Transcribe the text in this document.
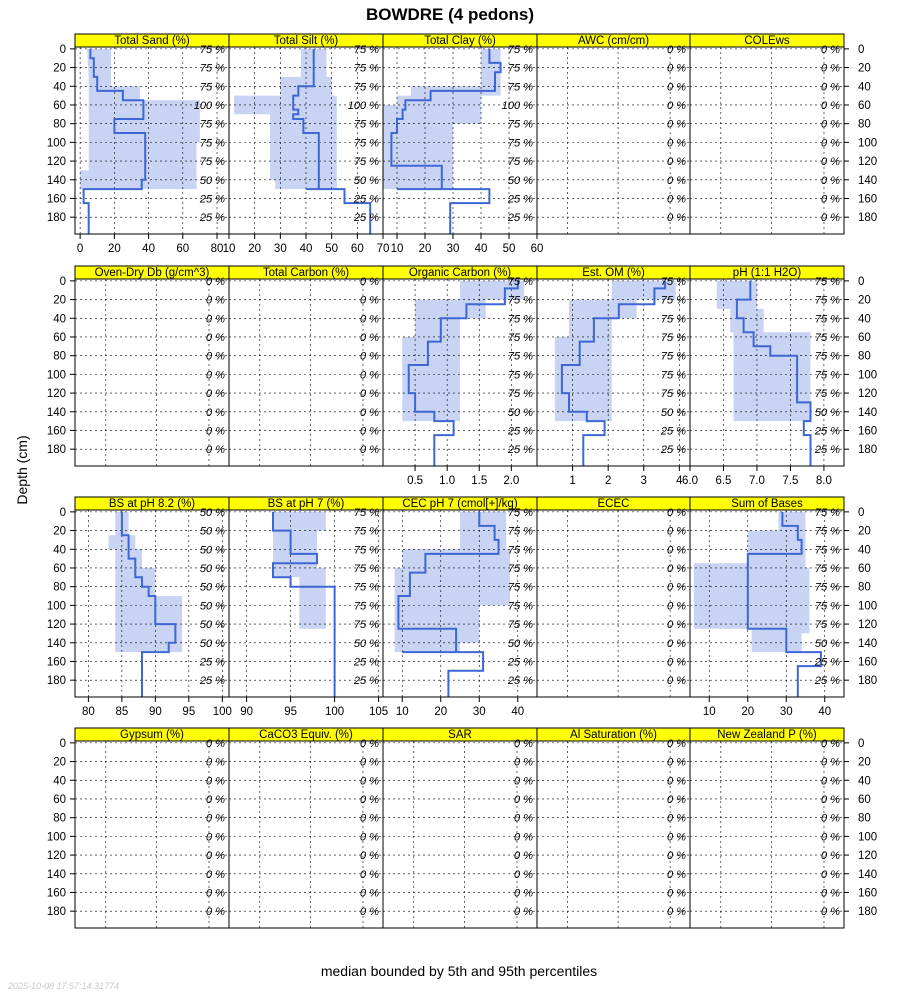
BOWDRE (4 pedons)
Depth (cm)
Total Sand (%)
75 %
75 %
75 %
100 %
75 %
75 %
75 %
50 %
25 %
25 %
0 20 40 60 80
Total Silt (%)
75 %
75 %
75 %
100 %
75 %
75 %
75 %
50 %
25 %
25 %
10 20 30 40 50 60 70
Total Clay (%)
75 %
75 %
75 %
100 %
75 %
75 %
75 %
50 %
25 %
25 %
10 20 30 40 50 60
AWC (cm/cm)
0 %
0 %
0 %
0 %
0 %
0 %
0 %
0 %
0 %
0 %
COLEws
0 %
0 %
0 %
0 %
0 %
0 %
0 %
0 %
0 %
0 %
Oven-Dry Db (g/cm^3)
0 %
0 %
0 %
0 %
0 %
0 %
0 %
0 %
0 %
0 %
Total Carbon (%)
0 %
0 %
0 %
0 %
0 %
0 %
0 %
0 %
0 %
0 %
Organic Carbon (%)
75 %
75 %
75 %
75 %
75 %
75 %
75 %
50 %
25 %
25 %
0.5 1.0 1.5 2.0
Est. OM (%)
75 %
75 %
75 %
75 %
75 %
75 %
75 %
50 %
25 %
25 %
1	2	3	4
pH (1:1 H2O)
75 %
75 %
75 %
75 %
75 %
75 %
75 %
50 %
25 %
25 %
6.0 6.5 7.0 7.5 8.0
BS at pH 8.2 (%)
50 %
50 %
50 %
50 %
50 %
50 %
50 %
50 %
25 %
25 %
80 85 90 95 100
BS at pH 7 (%)
75 %
75 %
75 %
75 %
75 %
75 %
75 %
50 %
25 %
25 %
90	95 100 105
CEC pH 7 (cmol[+]/kg)
75 %
75 %
75 %
75 %
75 %
75 %
75 %
50 %
25 %
25 %
10 20 30 40
ECEC
0 %
0 %
0 %
0 %
0 %
0 %
0 %
0 %
0 %
0 %
Sum of Bases
75 %
75 %
75 %
75 %
75 %
75 %
75 %
50 %
25 %
25 %
10 20 30 40
Gypsum (%)
0 %
0 %
0 %
0 %
0 %
0 %
0 %
0 %
0 %
0 %
CaCO3 Equiv. (%)
0 %
0 %
0 %
0 %
0 %
0 %
0 %
0 %
0 %
0 %
SAR
0 %
0 %
0 %
0 %
0 %
0 %
0 %
0 %
0 %
0 %
Al Saturation (%)
0 %
0 %
0 %
0 %
0 %
0 %
0 %
0 %
0 %
0 %
New Zealand P (%)
0 %
0 %
0 %
0 %
0 %
0 %
0 %
0 %
0 %
0 %
0	0
20	20
40	40
60	60
80	80
100	100
120	120
140	140
160	160
180	180
0	0
20	20
40	40
60	60
80	80
100	100
120	120
140	140
160	160
180	180
0	0
20	20
40	40
60	60
80	80
100	100
120	120
140	140
160	160
180	180
0	0
20	20
40	40
60	60
80	80
100	100
120	120
140	140
160	160
180	180
median bounded by 5th and 95th percentiles
2025-10-08 17:57:14.31774
